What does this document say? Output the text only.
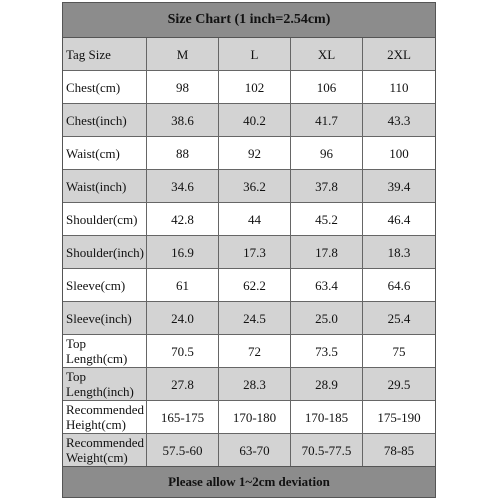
Size Chart (1 inch=2.54cm)
Tag Size	M	L	XL	2XL
Chest(cm)	98	102	106	110
Chest(inch)	38.6	40.2	41.7	43.3
Waist(cm)	88	92	96	100
Waist(inch)	34.6	36.2	37.8	39.4
Shoulder(cm)	42.8	44	45.2	46.4
Shoulder(inch)	16.9	17.3	17.8	18.3
Sleeve(cm)	61	62.2	63.4	64.6
Sleeve(inch)	24.0	24.5	25.0	25.4
Top Length(cm)	70.5	72	73.5	75
Top Length(inch)	27.8	28.3	28.9	29.5
Recommended Height(cm)	165-175	170-180	170-185	175-190
Recommended Weight(cm)	57.5-60	63-70	70.5-77.5	78-85
Please allow 1~2cm deviation
